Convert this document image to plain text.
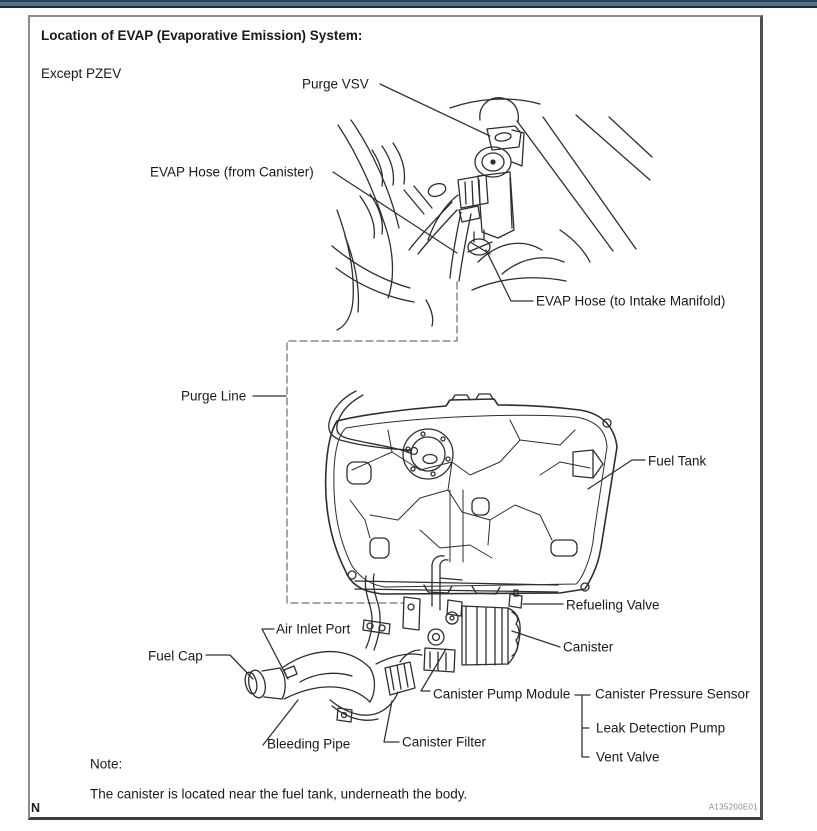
Location of EVAP (Evaporative Emission) System:
Except PZEV
Purge VSV
EVAP Hose (from Canister)
EVAP Hose (to Intake Manifold)
Purge Line
Fuel Tank
Refueling Valve
Canister
Air Inlet Port
Fuel Cap
Bleeding Pipe	Canister Filter
Canister Pump Module Canister Pressure Sensor
Leak Detection Pump
Vent Valve
Note:
The canister is located near the fuel tank, underneath the body.
N	A135200E01
